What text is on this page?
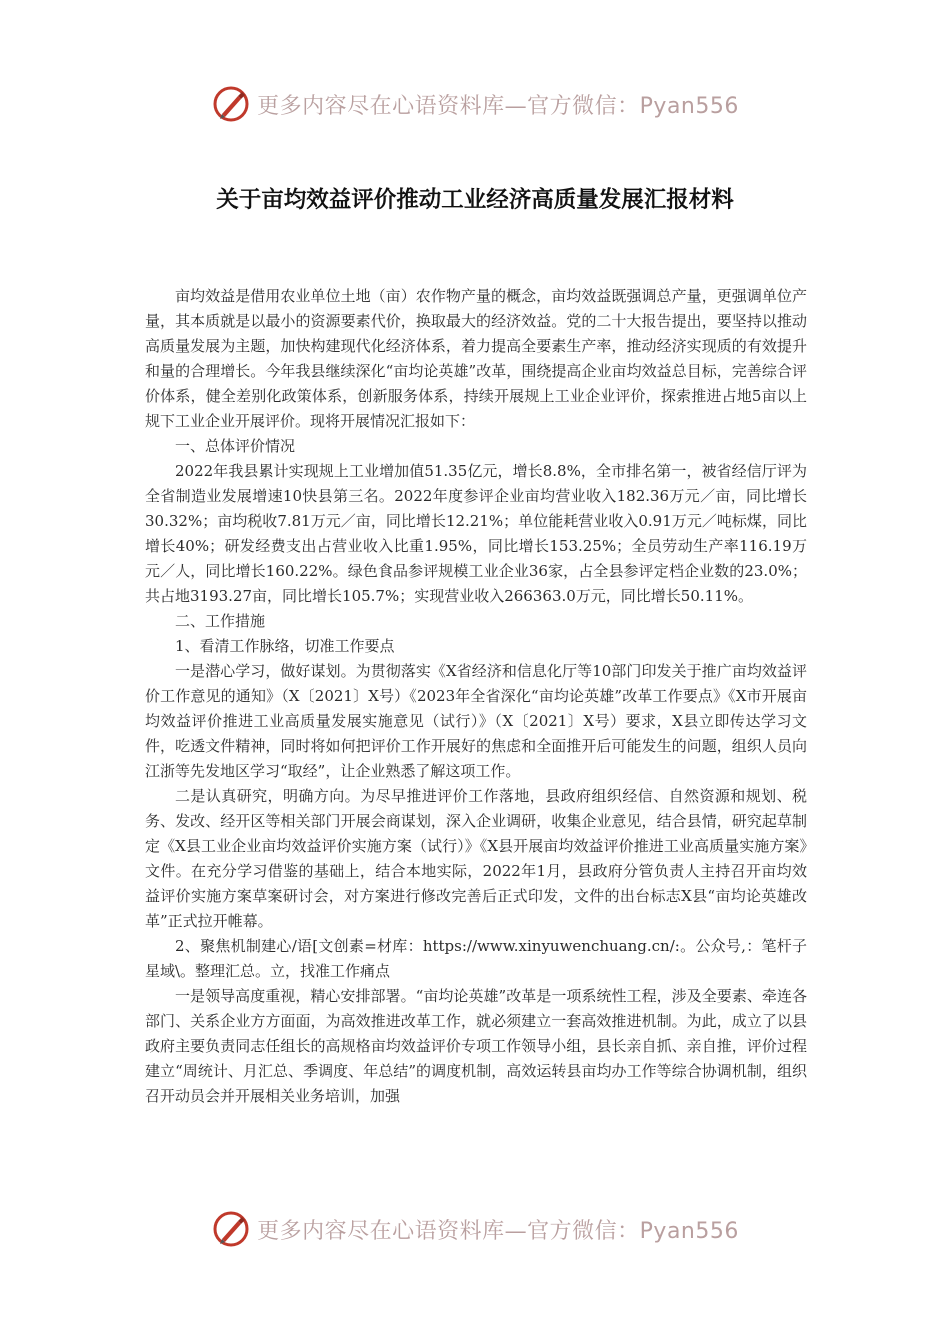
更多内容尽在心语资料库—官方微信：Pyan556
关于亩均效益评价推动工业经济高质量发展汇报材料

亩均效益是借用农业单位土地（亩）农作物产量的概念，亩均效益既强调总产量，更强调单位产量，其本质就是以最小的资源要素代价，换取最大的经济效益。党的二十大报告提出，要坚持以推动高质量发展为主题，加快构建现代化经济体系，着力提高全要素生产率，推动经济实现质的有效提升和量的合理增长。今年我县继续深化“亩均论英雄”改革，围绕提高企业亩均效益总目标，完善综合评价体系，健全差别化政策体系，创新服务体系，持续开展规上工业企业评价，探索推进占地5亩以上规下工业企业开展评价。现将开展情况汇报如下：

一、总体评价情况

2022年我县累计实现规上工业增加值51.35亿元，增长8.8%，全市排名第一，被省经信厅评为全省制造业发展增速10快县第三名。2022年度参评企业亩均营业收入182.36万元／亩，同比增长30.32%；亩均税收7.81万元／亩，同比增长12.21%；单位能耗营业收入0.91万元／吨标煤，同比增长40%；研发经费支出占营业收入比重1.95%，同比增长153.25%；全员劳动生产率116.19万元／人，同比增长160.22%。绿色食品参评规模工业企业36家，占全县参评定档企业数的23.0%；共占地3193.27亩，同比增长105.7%；实现营业收入266363.0万元，同比增长50.11%。

二、工作措施

1、看清工作脉络，切准工作要点

一是潜心学习，做好谋划。为贯彻落实《X省经济和信息化厅等10部门印发关于推广亩均效益评价工作意见的通知》（X〔2021〕X号）《2023年全省深化“亩均论英雄”改革工作要点》《X市开展亩均效益评价推进工业高质量发展实施意见（试行）》（X〔2021〕X号）要求，X县立即传达学习文件，吃透文件精神，同时将如何把评价工作开展好的焦虑和全面推开后可能发生的问题，组织人员向江浙等先发地区学习“取经”，让企业熟悉了解这项工作。

二是认真研究，明确方向。为尽早推进评价工作落地，县政府组织经信、自然资源和规划、税务、发改、经开区等相关部门开展会商谋划，深入企业调研，收集企业意见，结合县情，研究起草制定《X县工业企业亩均效益评价实施方案（试行）》《X县开展亩均效益评价推进工业高质量实施方案》文件。在充分学习借鉴的基础上，结合本地实际，2022年1月，县政府分管负责人主持召开亩均效益评价实施方案草案研讨会，对方案进行修改完善后正式印发，文件的出台标志X县“亩均论英雄改革”正式拉开帷幕。

2、聚焦机制建心/语[文创素=材库：https://www.xinyuwenchuang.cn/:。公众号,：笔杆子星域\。整理汇总。立，找准工作痛点

一是领导高度重视，精心安排部署。“亩均论英雄”改革是一项系统性工程，涉及全要素、牵连各部门、关系企业方方面面，为高效推进改革工作，就必须建立一套高效推进机制。为此，成立了以县政府主要负责同志任组长的高规格亩均效益评价专项工作领导小组，县长亲自抓、亲自推，评价过程建立“周统计、月汇总、季调度、年总结”的调度机制，高效运转县亩均办工作等综合协调机制，组织召开动员会并开展相关业务培训，加强

更多内容尽在心语资料库—官方微信：Pyan556
